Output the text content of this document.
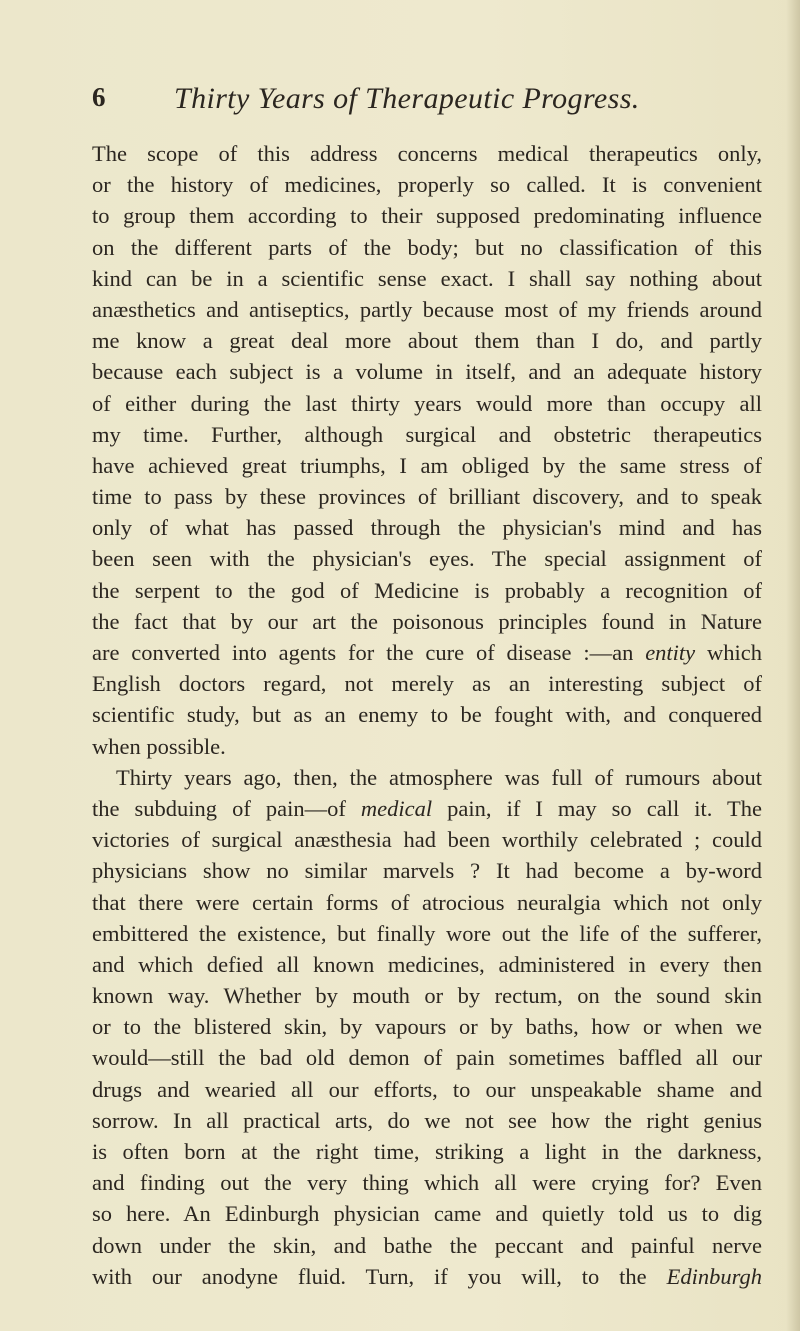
6 Thirty Years of Therapeutic Progress.
The scope of this address concerns medical therapeutics only,
or the history of medicines, properly so called. It is convenient
to group them according to their supposed predominating influence
on the different parts of the body; but no classification of this
kind can be in a scientific sense exact. I shall say nothing about
anæsthetics and antiseptics, partly because most of my friends around
me know a great deal more about them than I do, and partly
because each subject is a volume in itself, and an adequate history
of either during the last thirty years would more than occupy all
my time. Further, although surgical and obstetric therapeutics
have achieved great triumphs, I am obliged by the same stress of
time to pass by these provinces of brilliant discovery, and to speak
only of what has passed through the physician's mind and has
been seen with the physician's eyes. The special assignment of
the serpent to the god of Medicine is probably a recognition of
the fact that by our art the poisonous principles found in Nature
are converted into agents for the cure of disease :—an entity which
English doctors regard, not merely as an interesting subject of
scientific study, but as an enemy to be fought with, and conquered
when possible.
Thirty years ago, then, the atmosphere was full of rumours about
the subduing of pain—of medical pain, if I may so call it. The
victories of surgical anæsthesia had been worthily celebrated ; could
physicians show no similar marvels ? It had become a by-word
that there were certain forms of atrocious neuralgia which not only
embittered the existence, but finally wore out the life of the sufferer,
and which defied all known medicines, administered in every then
known way. Whether by mouth or by rectum, on the sound skin
or to the blistered skin, by vapours or by baths, how or when we
would—still the bad old demon of pain sometimes baffled all our
drugs and wearied all our efforts, to our unspeakable shame and
sorrow. In all practical arts, do we not see how the right genius
is often born at the right time, striking a light in the darkness,
and finding out the very thing which all were crying for? Even
so here. An Edinburgh physician came and quietly told us to dig
down under the skin, and bathe the peccant and painful nerve
with our anodyne fluid. Turn, if you will, to the Edinburgh
